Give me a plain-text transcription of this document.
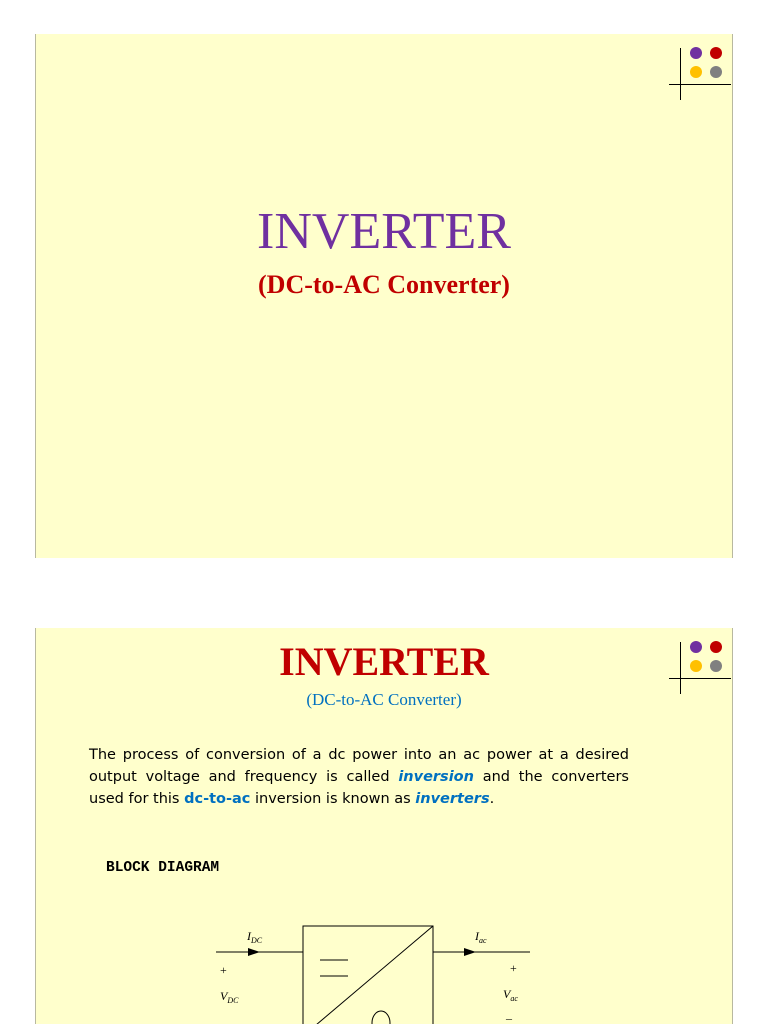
INVERTER
(DC-to-AC Converter)
INVERTER
(DC-to-AC Converter)
The process of conversion of a dc power into an ac power at a desired output voltage and frequency is called inversion and the converters used for this dc-to-ac inversion is known as inverters.
BLOCK DIAGRAM
$I_{DC}$
+
$V_{DC}$
$I_{ac}$
+
$V_{ac}$
–
